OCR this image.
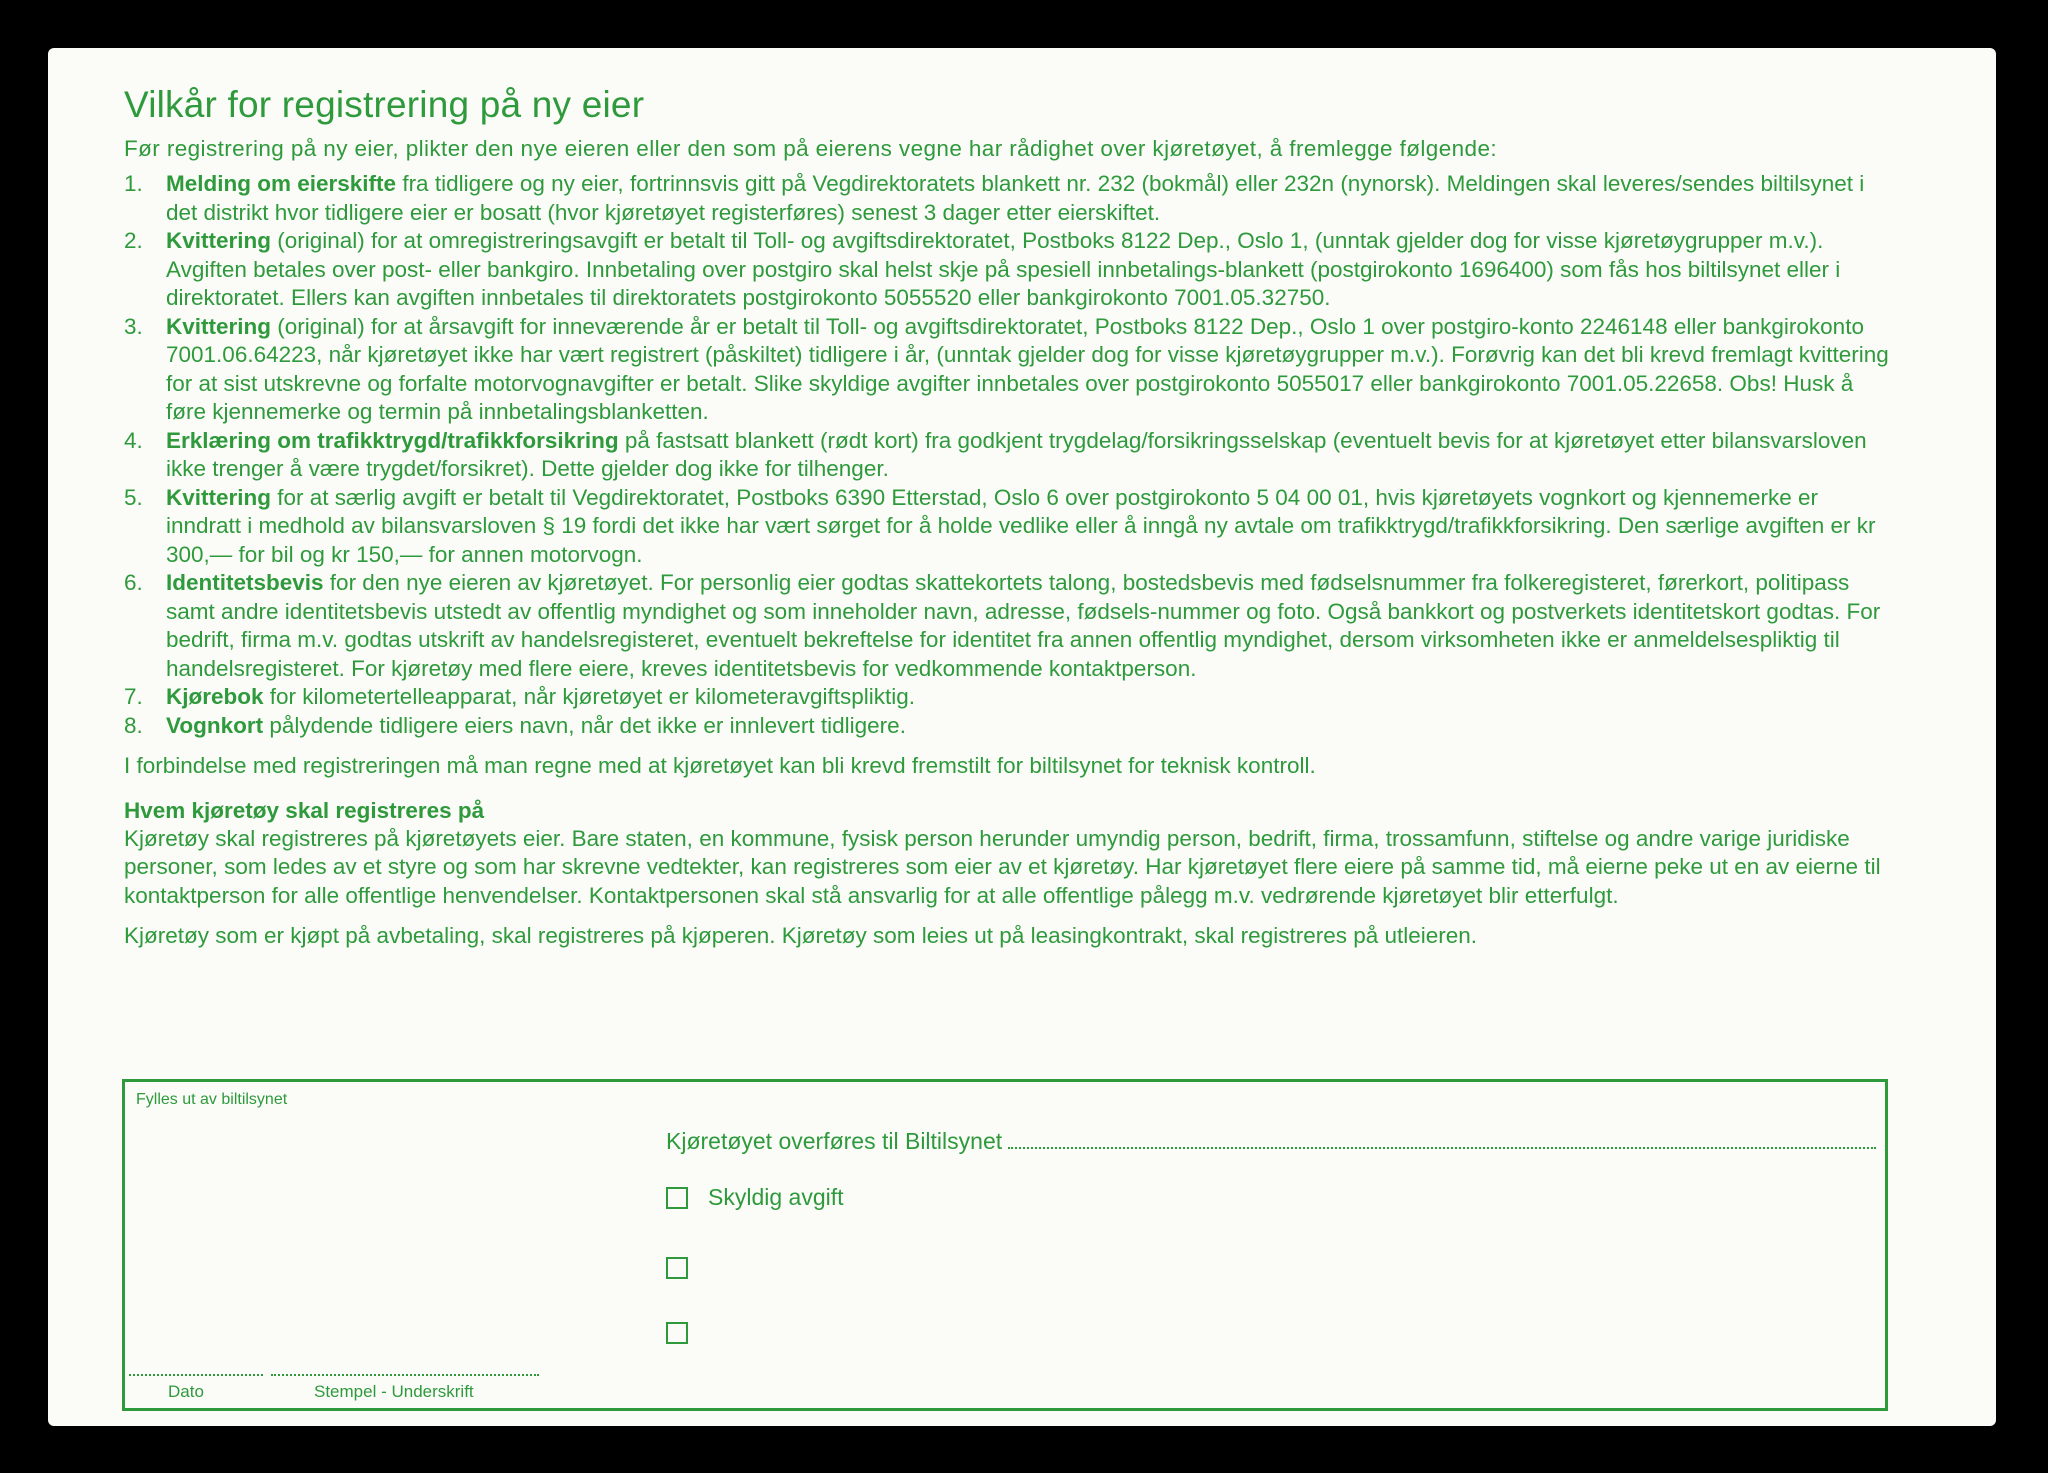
Vilkår for registrering på ny eier
Før registrering på ny eier, plikter den nye eieren eller den som på eierens vegne har rådighet over kjøretøyet, å fremlegge følgende:
1. Melding om eierskifte fra tidligere og ny eier, fortrinnsvis gitt på Vegdirektoratets blankett nr. 232 (bokmål) eller 232n (nynorsk). Meldingen skal leveres/sendes biltilsynet i det distrikt hvor tidligere eier er bosatt (hvor kjøretøyet registerføres) senest 3 dager etter eierskiftet.
2. Kvittering (original) for at omregistreringsavgift er betalt til Toll- og avgiftsdirektoratet, Postboks 8122 Dep., Oslo 1, (unntak gjelder dog for visse kjøretøygrupper m.v.). Avgiften betales over post- eller bankgiro. Innbetaling over postgiro skal helst skje på spesiell innbetalings-blankett (postgirokonto 1696400) som fås hos biltilsynet eller i direktoratet. Ellers kan avgiften innbetales til direktoratets postgirokonto 5055520 eller bankgirokonto 7001.05.32750.
3. Kvittering (original) for at årsavgift for inneværende år er betalt til Toll- og avgiftsdirektoratet, Postboks 8122 Dep., Oslo 1 over postgiro-konto 2246148 eller bankgirokonto 7001.06.64223, når kjøretøyet ikke har vært registrert (påskiltet) tidligere i år, (unntak gjelder dog for visse kjøretøygrupper m.v.). Forøvrig kan det bli krevd fremlagt kvittering for at sist utskrevne og forfalte motorvognavgifter er betalt. Slike skyldige avgifter innbetales over postgirokonto 5055017 eller bankgirokonto 7001.05.22658. Obs! Husk å føre kjennemerke og termin på innbetalingsblanketten.
4. Erklæring om trafikktrygd/trafikkforsikring på fastsatt blankett (rødt kort) fra godkjent trygdelag/forsikringsselskap (eventuelt bevis for at kjøretøyet etter bilansvarsloven ikke trenger å være trygdet/forsikret). Dette gjelder dog ikke for tilhenger.
5. Kvittering for at særlig avgift er betalt til Vegdirektoratet, Postboks 6390 Etterstad, Oslo 6 over postgirokonto 5 04 00 01, hvis kjøretøyets vognkort og kjennemerke er inndratt i medhold av bilansvarsloven § 19 fordi det ikke har vært sørget for å holde vedlike eller å inngå ny avtale om trafikktrygd/trafikkforsikring. Den særlige avgiften er kr 300,— for bil og kr 150,— for annen motorvogn.
6. Identitetsbevis for den nye eieren av kjøretøyet. For personlig eier godtas skattekortets talong, bostedsbevis med fødselsnummer fra folkeregisteret, førerkort, politipass samt andre identitetsbevis utstedt av offentlig myndighet og som inneholder navn, adresse, fødsels-nummer og foto. Også bankkort og postverkets identitetskort godtas. For bedrift, firma m.v. godtas utskrift av handelsregisteret, eventuelt bekreftelse for identitet fra annen offentlig myndighet, dersom virksomheten ikke er anmeldelsespliktig til handelsregisteret. For kjøretøy med flere eiere, kreves identitetsbevis for vedkommende kontaktperson.
7. Kjørebok for kilometertelleapparat, når kjøretøyet er kilometeravgiftspliktig.
8. Vognkort pålydende tidligere eiers navn, når det ikke er innlevert tidligere.
I forbindelse med registreringen må man regne med at kjøretøyet kan bli krevd fremstilt for biltilsynet for teknisk kontroll.
Hvem kjøretøy skal registreres på
Kjøretøy skal registreres på kjøretøyets eier. Bare staten, en kommune, fysisk person herunder umyndig person, bedrift, firma, trossamfunn, stiftelse og andre varige juridiske personer, som ledes av et styre og som har skrevne vedtekter, kan registreres som eier av et kjøretøy. Har kjøretøyet flere eiere på samme tid, må eierne peke ut en av eierne til kontaktperson for alle offentlige henvendelser. Kontaktpersonen skal stå ansvarlig for at alle offentlige pålegg m.v. vedrørende kjøretøyet blir etterfulgt.
Kjøretøy som er kjøpt på avbetaling, skal registreres på kjøperen. Kjøretøy som leies ut på leasingkontrakt, skal registreres på utleieren.
Fylles ut av biltilsynet
Kjøretøyet overføres til Biltilsynet
Skyldig avgift
Dato	Stempel - Underskrift
